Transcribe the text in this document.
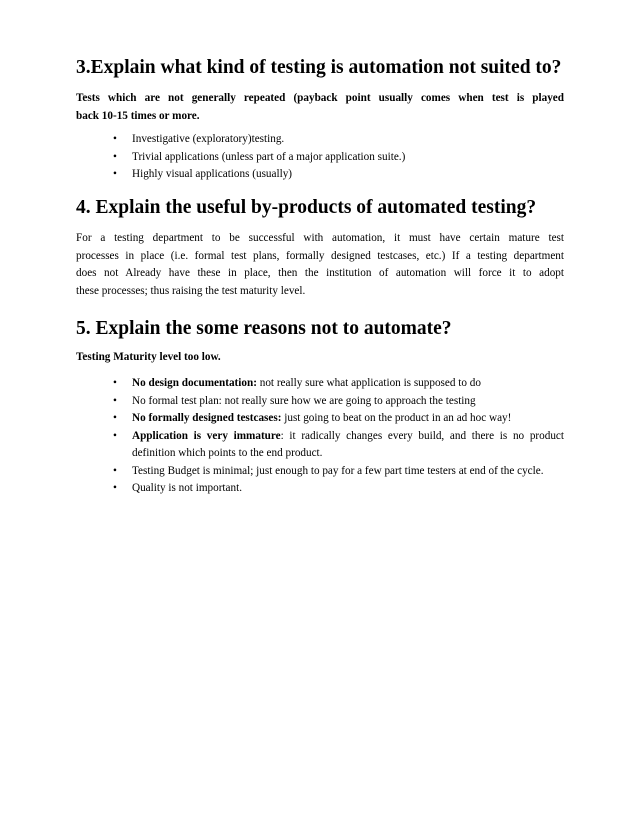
3.Explain what kind of testing is automation not suited to?
Tests which are not generally repeated (payback point usually comes when test is played
back 10-15 times or more.
• Investigative (exploratory)testing.
• Trivial applications (unless part of a major application suite.)
• Highly visual applications (usually)
4. Explain the useful by-products of automated testing?
For a testing department to be successful with automation, it must have certain mature test
processes in place (i.e. formal test plans, formally designed testcases, etc.) If a testing department
does not Already have these in place, then the institution of automation will force it to adopt
these processes; thus raising the test maturity level.
5. Explain the some reasons not to automate?
Testing Maturity level too low.
• No design documentation: not really sure what application is supposed to do
• No formal test plan: not really sure how we are going to approach the testing
• No formally designed testcases: just going to beat on the product in an ad hoc way!
• Application is very immature: it radically changes every build, and there is no product definition which points to the end product.
• Testing Budget is minimal; just enough to pay for a few part time testers at end of the cycle.
• Quality is not important.
